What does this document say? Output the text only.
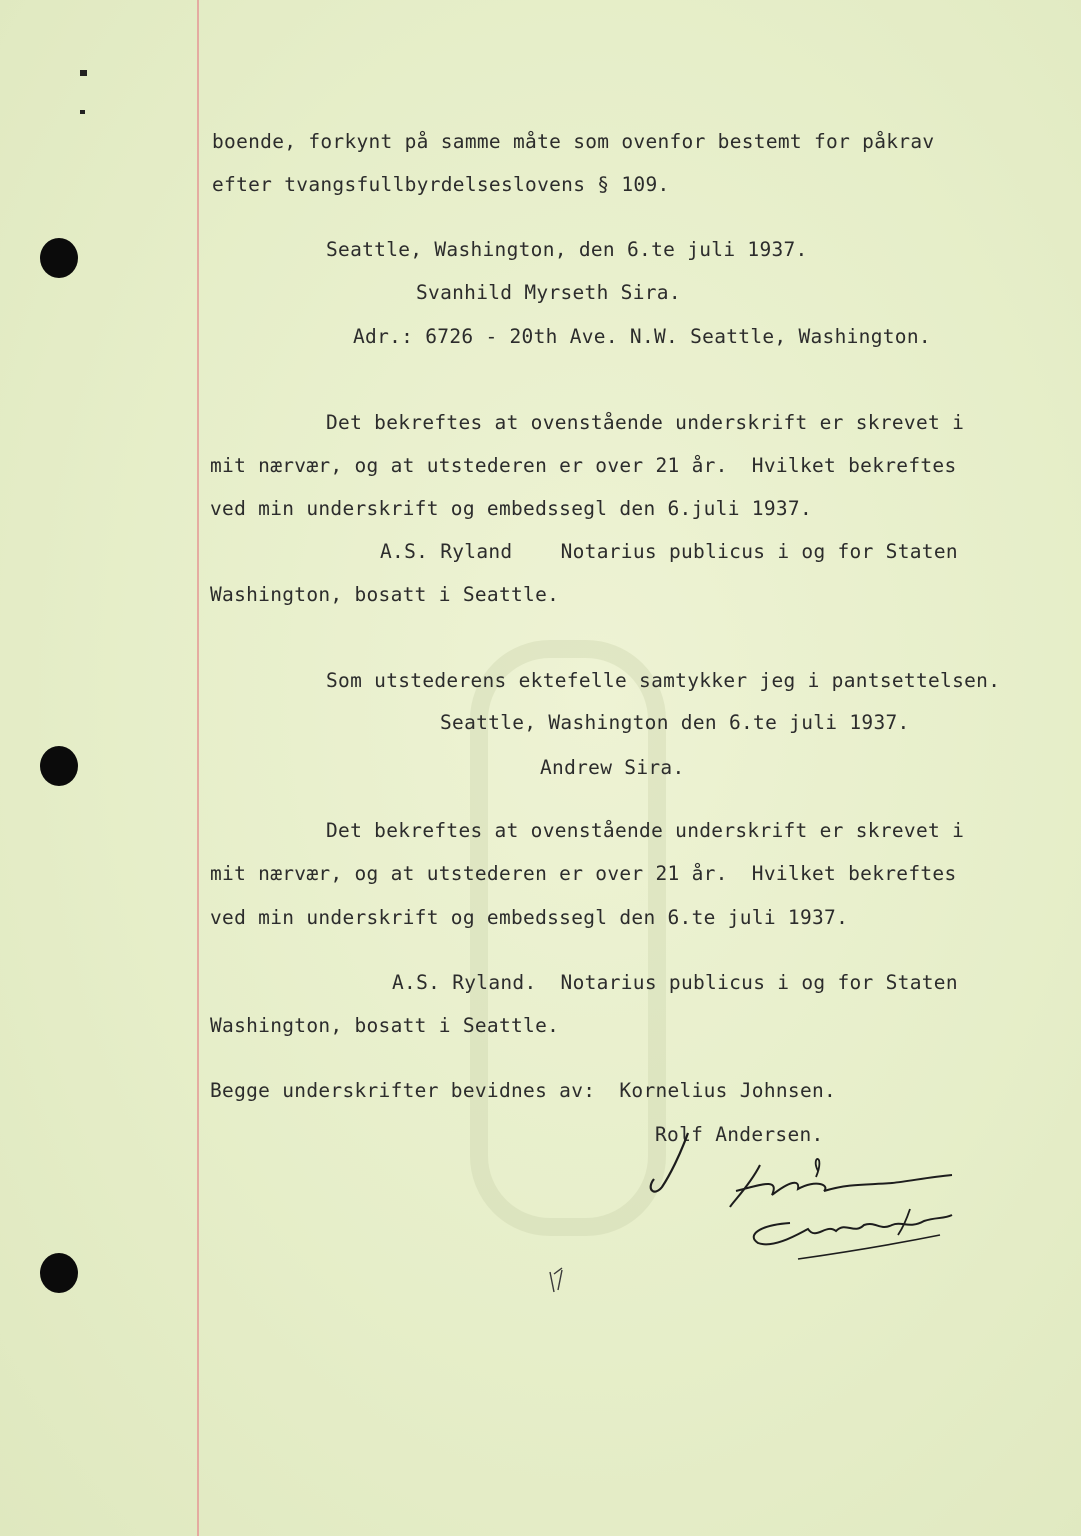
boende, forkynt på samme måte som ovenfor bestemt for påkrav
efter tvangsfullbyrdelseslovens § 109.
Seattle, Washington, den 6.te juli 1937.
Svanhild Myrseth Sira.
Adr.: 6726 - 20th Ave. N.W. Seattle, Washington.
Det bekreftes at ovenstående underskrift er skrevet i
mit nærvær, og at utstederen er over 21 år.  Hvilket bekreftes
ved min underskrift og embedssegl den 6.juli 1937.
A.S. Ryland    Notarius publicus i og for Staten
Washington, bosatt i Seattle.
Som utstederens ektefelle samtykker jeg i pantsettelsen.
Seattle, Washington den 6.te juli 1937.
Andrew Sira.
Det bekreftes at ovenstående underskrift er skrevet i
mit nærvær, og at utstederen er over 21 år.  Hvilket bekreftes
ved min underskrift og embedssegl den 6.te juli 1937.
A.S. Ryland.  Notarius publicus i og for Staten
Washington, bosatt i Seattle.
Begge underskrifter bevidnes av:  Kornelius Johnsen.
Rolf Andersen.
